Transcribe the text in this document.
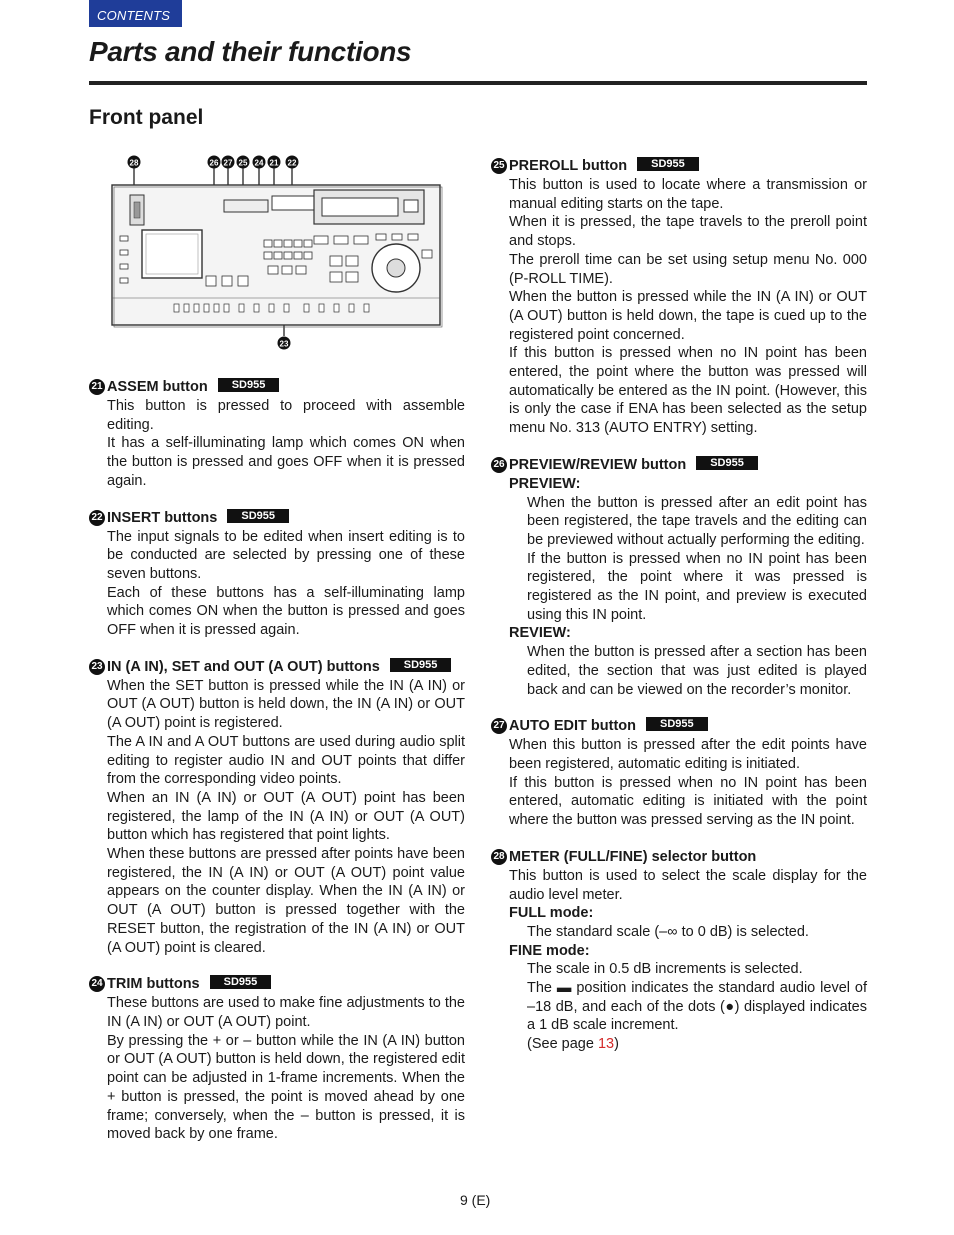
CONTENTS
Parts and their functions
Front panel
28	26 27 25 24 21 22
23
21 ASSEM button	SD955

This button is pressed to proceed with assemble editing.

It has a self-illuminating lamp which comes ON when the button is pressed and goes OFF when it is pressed again.

22 INSERT buttons	SD955

The input signals to be edited when insert editing is to be conducted are selected by pressing one of these seven buttons.

Each of these buttons has a self-illuminating lamp which comes ON when the button is pressed and goes OFF when it is pressed again.

23 IN (A IN), SET and OUT (A OUT) buttons	SD955

When the SET button is pressed while the IN (A IN) or OUT (A OUT) button is held down, the IN (A IN) or OUT (A OUT) point is registered.

The A IN and A OUT buttons are used during audio split editing to register audio IN and OUT points that differ from the corresponding video points.

When an IN (A IN) or OUT (A OUT) point has been registered, the lamp of the IN (A IN) or OUT (A OUT) button which has registered that point lights.

When these buttons are pressed after points have been registered, the IN (A IN) or OUT (A OUT) point value appears on the counter display. When the IN (A IN) or OUT (A OUT) button is pressed together with the RESET button, the registration of the IN (A IN) or OUT (A OUT) point is cleared.

24 TRIM buttons	SD955

These buttons are used to make fine adjustments to the IN (A IN) or OUT (A OUT) point.

By pressing the + or – button while the IN (A IN) button or OUT (A OUT) button is held down, the registered edit point can be adjusted in 1-frame increments. When the + button is pressed, the point is moved ahead by one frame; conversely, when the – button is pressed, it is moved back by one frame.

25 PREROLL button	SD955

This button is used to locate where a transmission or manual editing starts on the tape.

When it is pressed, the tape travels to the preroll point and stops.

The preroll time can be set using setup menu No. 000 (P-ROLL TIME).

When the button is pressed while the IN (A IN) or OUT (A OUT) button is held down, the tape is cued up to the registered point concerned.

If this button is pressed when no IN point has been entered, the point where the button was pressed will automatically be entered as the IN point. (However, this is only the case if ENA has been selected as the setup menu No. 313 (AUTO ENTRY) setting.

26 PREVIEW/REVIEW button	SD955
PREVIEW:

When the button is pressed after an edit point has been registered, the tape travels and the editing can be previewed without actually performing the editing.

If the button is pressed when no IN point has been registered, the point where it was pressed is registered as the IN point, and preview is executed using this IN point.

REVIEW:

When the button is pressed after a section has been edited, the section that was just edited is played back and can be viewed on the recorder’s monitor.

27 AUTO EDIT button	SD955

When this button is pressed after the edit points have been registered, automatic editing is initiated.

If this button is pressed when no IN point has been entered, automatic editing is initiated with the point where the button was pressed serving as the IN point.

28 METER (FULL/FINE) selector button

This button is used to select the scale display for the audio level meter.

FULL mode:

The standard scale (–∞ to 0 dB) is selected.

FINE mode:

The scale in 0.5 dB increments is selected.

The ▬ position indicates the standard audio level of –18 dB, and each of the dots (●) displayed indicates a 1 dB scale increment.

(See page 13)

9 (E)
